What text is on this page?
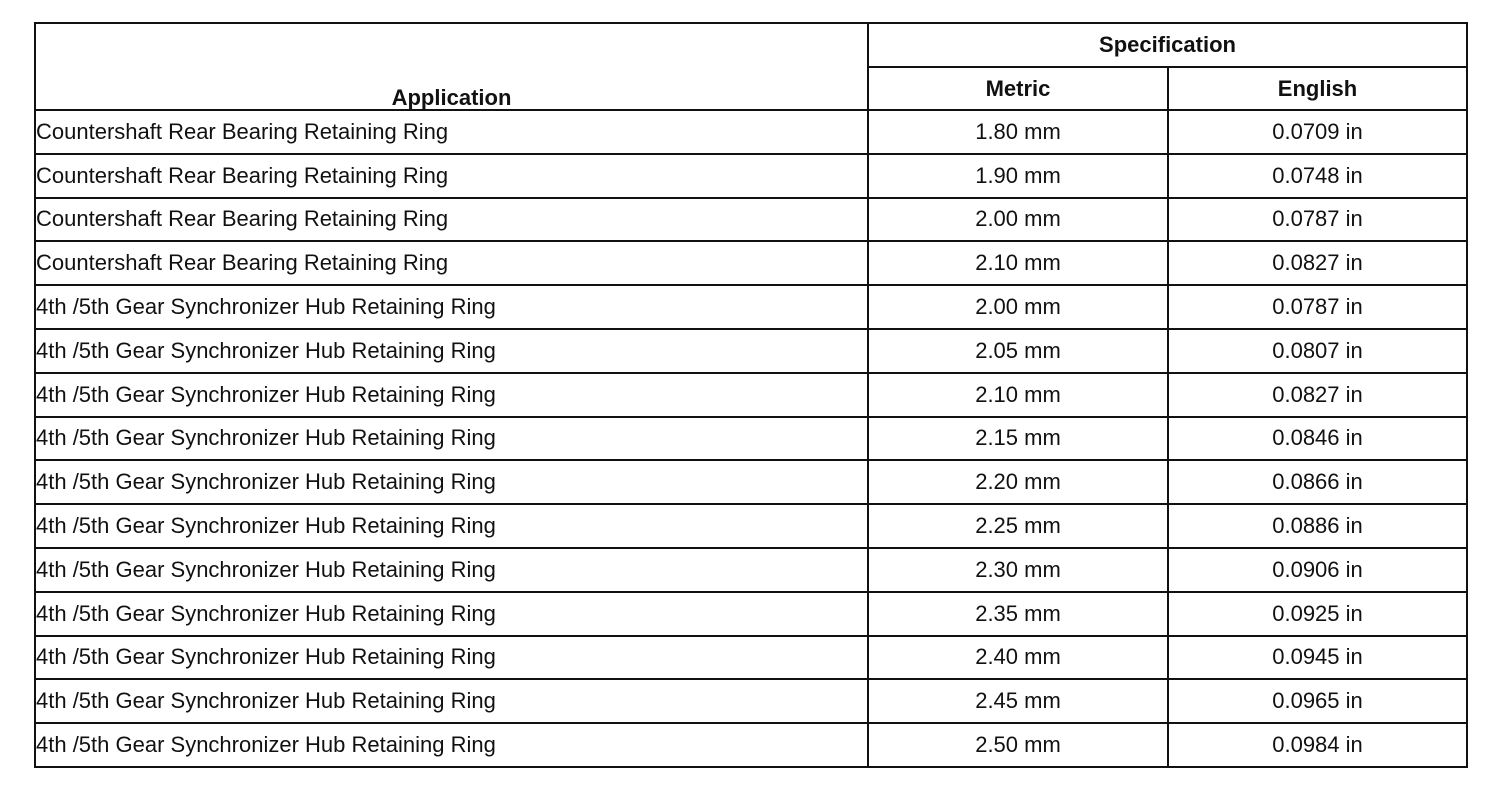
Application	Specification	
	Metric	English
Countershaft Rear Bearing Retaining Ring	1.80 mm	0.0709 in
Countershaft Rear Bearing Retaining Ring	1.90 mm	0.0748 in
Countershaft Rear Bearing Retaining Ring	2.00 mm	0.0787 in
Countershaft Rear Bearing Retaining Ring	2.10 mm	0.0827 in
4th /5th Gear Synchronizer Hub Retaining Ring	2.00 mm	0.0787 in
4th /5th Gear Synchronizer Hub Retaining Ring	2.05 mm	0.0807 in
4th /5th Gear Synchronizer Hub Retaining Ring	2.10 mm	0.0827 in
4th /5th Gear Synchronizer Hub Retaining Ring	2.15 mm	0.0846 in
4th /5th Gear Synchronizer Hub Retaining Ring	2.20 mm	0.0866 in
4th /5th Gear Synchronizer Hub Retaining Ring	2.25 mm	0.0886 in
4th /5th Gear Synchronizer Hub Retaining Ring	2.30 mm	0.0906 in
4th /5th Gear Synchronizer Hub Retaining Ring	2.35 mm	0.0925 in
4th /5th Gear Synchronizer Hub Retaining Ring	2.40 mm	0.0945 in
4th /5th Gear Synchronizer Hub Retaining Ring	2.45 mm	0.0965 in
4th /5th Gear Synchronizer Hub Retaining Ring	2.50 mm	0.0984 in
